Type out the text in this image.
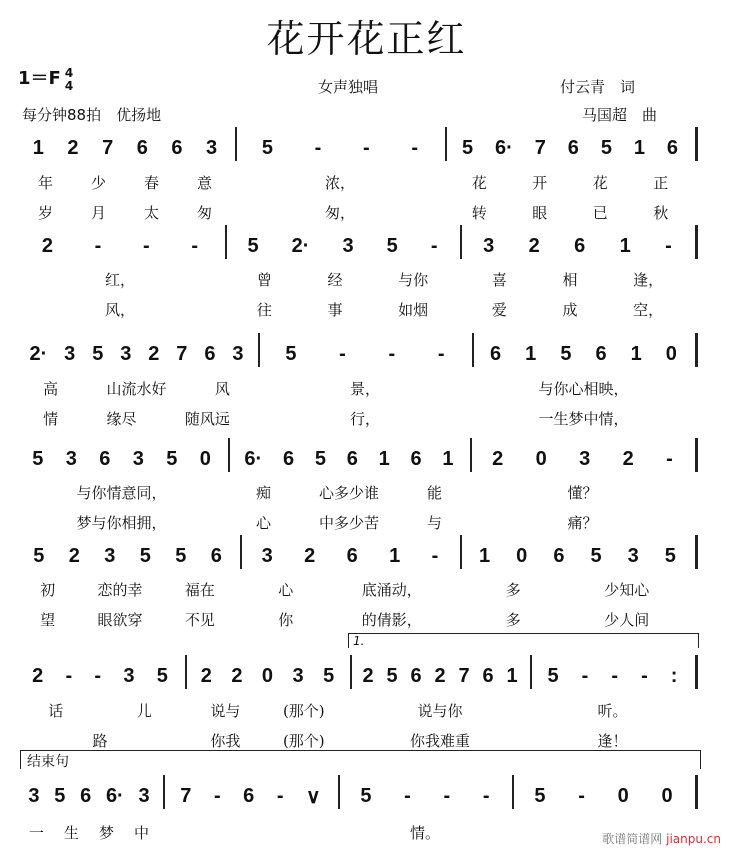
花开花正红
1＝F 4
4	女声独唱	付云青　词
每分钟88拍　优扬地	马国超　曲
1.
结束句
1 2 7 6 6 3 5 - - - 5 6· 7 6 5 1 6
年	少	春	意	浓，	花	开	花	正
岁	月	太	匆	匆，	转	眼	已	秋
2 - - - 5 2· 3 5 - 3 2 6 1 -
红，	曾	经	与你	喜	相	逢，
风，	往	事	如烟	爱	成	空，
2· 3 5 3 2 7 6 3 5 - - - 6 1 5 6 1 0
高	山流水好	风	景，	与你心相映，
情	缘尽	随风远	行，	一生梦中情，
5 3 6 3 5 0 6· 6 5 6 1 6 1 2 0 3 2 -
与你情意同，	痴	心多少谁	能	懂？
梦与你相拥，	心	中多少苦	与	痛？
5 2 3 5 5 6 3 2 6 1 - 1 0 6 5 3 5
初	恋的幸	福在	心	底涌动，	多	少知心
望	眼欲穿	不见	你	的倩影，	多	少人间
2 - - 3 5 2 2 0 3 5 2 5 6 2 7 6 1 5 - - - :
话	　儿	说与	(那个)	说与你	听。
路	你我	(那个)	你我难重	逢！
3 5 6 6· 3 7 - 6 - ∨ 5 - - - 5 - 0 0
一 生 梦 中	情。	歌谱简谱网 jianpu.cn
